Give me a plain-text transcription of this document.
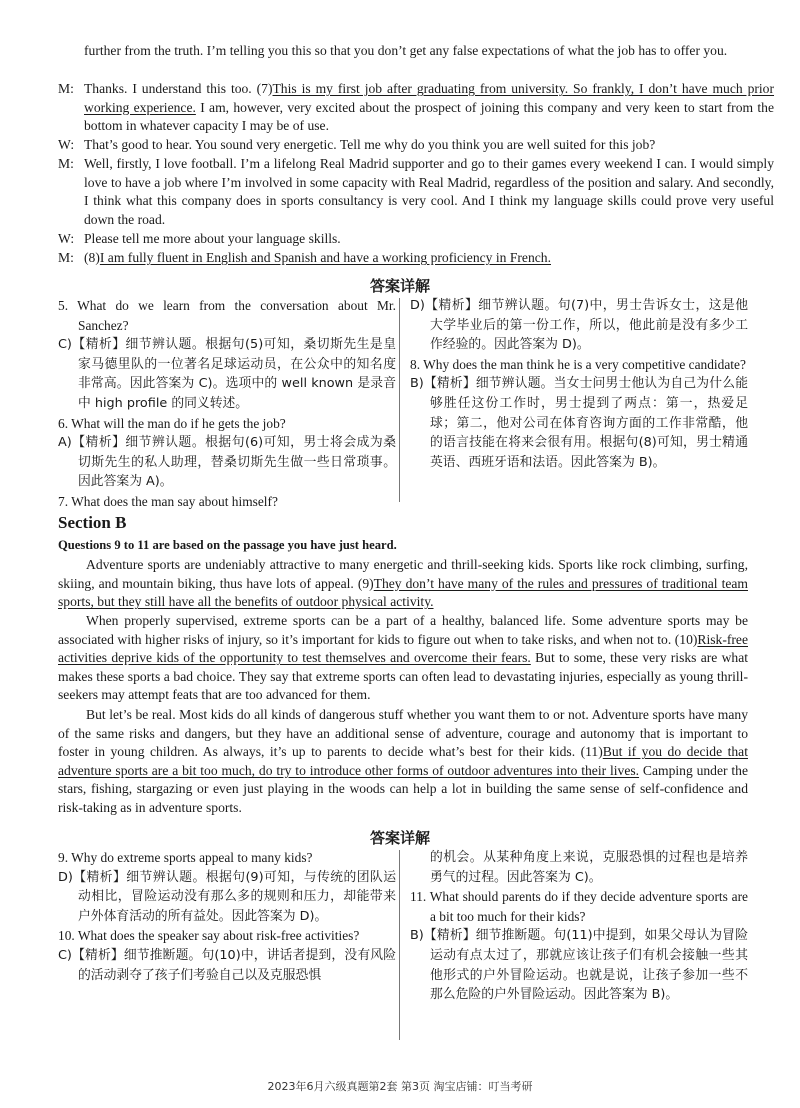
further from the truth. I’m telling you this so that you don’t get any false expectations of what the job has to offer you.
M: Thanks. I understand this too. (7)This is my first job after graduating from university. So frankly, I don’t have much prior working experience. I am, however, very excited about the prospect of joining this company and very keen to start from the bottom in whatever capacity I may be of use.
W: That’s good to hear. You sound very energetic. Tell me why do you think you are well suited for this job?
M: Well, firstly, I love football. I’m a lifelong Real Madrid supporter and go to their games every weekend I can. I would simply love to have a job where I’m involved in some capacity with Real Madrid, regardless of the position and salary. And secondly, I think what this company does in sports consultancy is very cool. And I think my language skills could prove very useful down the road.
W: Please tell me more about your language skills.
M: (8)I am fully fluent in English and Spanish and have a working proficiency in French.
答案详解

5. What do we learn from the conversation about Mr. Sanchez?

C)【精析】细节辨认题。根据句(5)可知，桑切斯先生是皇家马德里队的一位著名足球运动员，在公众中的知名度非常高。因此答案为 C)。选项中的 well known 是录音中 high profile 的同义转述。

6. What will the man do if he gets the job?

A)【精析】细节辨认题。根据句(6)可知，男士将会成为桑切斯先生的私人助理，替桑切斯先生做一些日常琐事。因此答案为 A)。

7. What does the man say about himself?

D)【精析】细节辨认题。句(7)中，男士告诉女士，这是他大学毕业后的第一份工作，所以，他此前是没有多少工作经验的。因此答案为 D)。

8. Why does the man think he is a very competitive candidate?

B)【精析】细节辨认题。当女士问男士他认为自己为什么能够胜任这份工作时，男士提到了两点：第一，热爱足球；第二，他对公司在体育咨询方面的工作非常酷，他的语言技能在将来会很有用。根据句(8)可知，男士精通英语、西班牙语和法语。因此答案为 B)。

Section B
Questions 9 to 11 are based on the passage you have just heard.
Adventure sports are undeniably attractive to many energetic and thrill-seeking kids. Sports like rock climbing, surfing, skiing, and mountain biking, thus have lots of appeal. (9)They don’t have many of the rules and pressures of traditional team sports, but they still have all the benefits of outdoor physical activity.
When properly supervised, extreme sports can be a part of a healthy, balanced life. Some adventure sports may be associated with higher risks of injury, so it’s important for kids to figure out when to take risks, and when not to. (10)Risk-free activities deprive kids of the opportunity to test themselves and overcome their fears. But to some, these very risks are what makes these sports a bad choice. They say that extreme sports can often lead to devastating injuries, especially as young thrill-seekers may attempt feats that are too advanced for them.
But let’s be real. Most kids do all kinds of dangerous stuff whether you want them to or not. Adventure sports have many of the same risks and dangers, but they have an additional sense of adventure, courage and autonomy that is important to foster in young children. As always, it’s up to parents to decide what’s best for their kids. (11)But if you do decide that adventure sports are a bit too much, do try to introduce other forms of outdoor adventures into their lives. Camping under the stars, fishing, stargazing or even just playing in the woods can help a lot in building the same sense of self-confidence and risk-taking as in adventure sports.
答案详解

9. Why do extreme sports appeal to many kids?

D)【精析】细节辨认题。根据句(9)可知，与传统的团队运动相比，冒险运动没有那么多的规则和压力，却能带来户外体育活动的所有益处。因此答案为 D)。

10. What does the speaker say about risk-free activities?

C)【精析】细节推断题。句(10)中，讲话者提到，没有风险的活动剥夺了孩子们考验自己以及克服恐惧

的机会。从某种角度上来说，克服恐惧的过程也是培养勇气的过程。因此答案为 C)。

11. What should parents do if they decide adventure sports are a bit too much for their kids?

B)【精析】细节推断题。句(11)中提到，如果父母认为冒险运动有点太过了，那就应该让孩子们有机会接触一些其他形式的户外冒险运动。也就是说，让孩子参加一些不那么危险的户外冒险运动。因此答案为 B)。

2023年6月六级真题第2套 第3页 淘宝店铺：叮当考研
